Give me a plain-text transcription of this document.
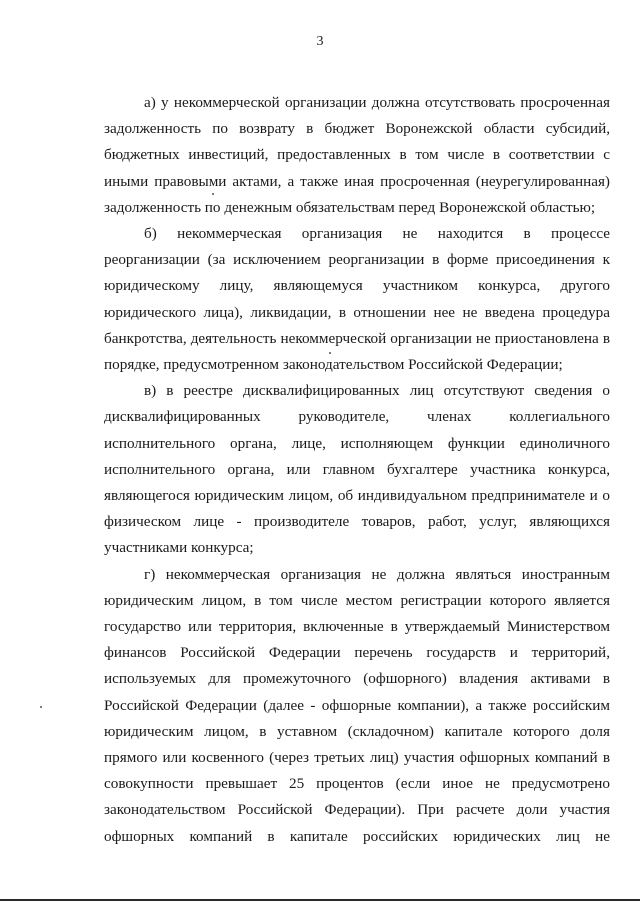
3

а) у некоммерческой организации должна отсутствовать просроченная задолженность по возврату в бюджет Воронежской области субсидий, бюджетных инвестиций, предоставленных в том числе в соответствии с иными правовыми актами, а также иная просроченная (неурегулированная) задолженность по денежным обязательствам перед Воронежской областью;

б) некоммерческая организация не находится в процессе реорганизации (за исключением реорганизации в форме присоединения к юридическому лицу, являющемуся участником конкурса, другого юридического лица), ликвидации, в отношении нее не введена процедура банкротства, деятельность некоммерческой организации не приостановлена в порядке, предусмотренном законодательством Российской Федерации;

в) в реестре дисквалифицированных лиц отсутствуют сведения о дисквалифицированных руководителе, членах коллегиального исполнительного органа, лице, исполняющем функции единоличного исполнительного органа, или главном бухгалтере участника конкурса, являющегося юридическим лицом, об индивидуальном предпринимателе и о физическом лице - производителе товаров, работ, услуг, являющихся участниками конкурса;

г) некоммерческая организация не должна являться иностранным юридическим лицом, в том числе местом регистрации которого является государство или территория, включенные в утверждаемый Министерством финансов Российской Федерации перечень государств и территорий, используемых для промежуточного (офшорного) владения активами в Российской Федерации (далее - офшорные компании), а также российским юридическим лицом, в уставном (складочном) капитале которого доля прямого или косвенного (через третьих лиц) участия офшорных компаний в совокупности превышает 25 процентов (если иное не предусмотрено законодательством Российской Федерации). При расчете доли участия офшорных компаний в капитале российских юридических лиц не
